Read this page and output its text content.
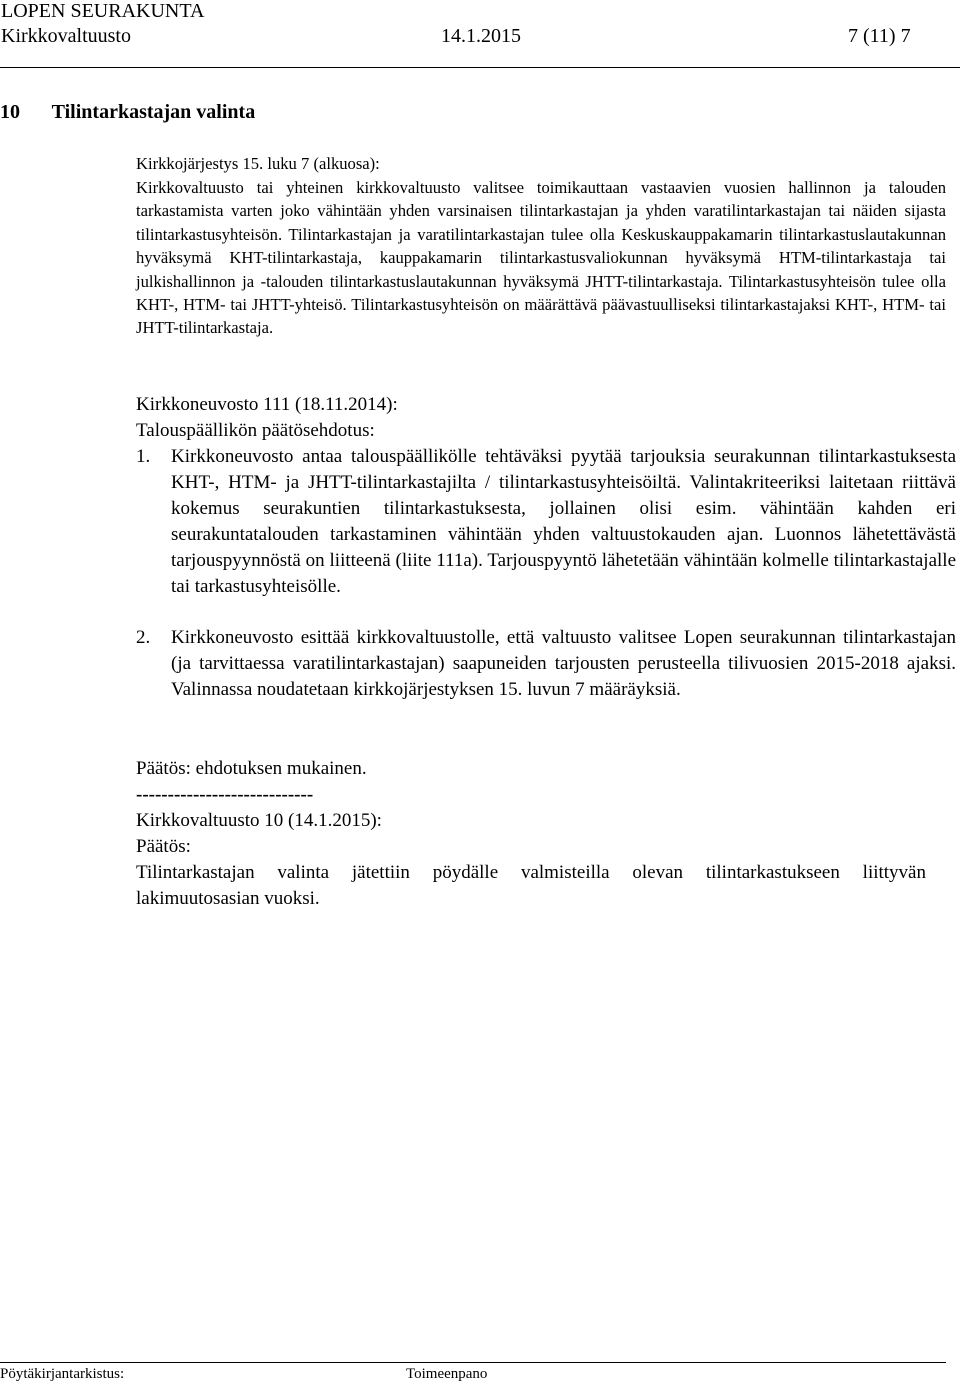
LOPEN SEURAKUNTA
Kirkkovaltuusto	14.1.2015	7 (11) 7
10 Tilintarkastajan valinta
Kirkkojärjestys 15. luku 7 (alkuosa):
Kirkkovaltuusto tai yhteinen kirkkovaltuusto valitsee toimikauttaan vastaavien vuosien hallinnon ja talouden tarkastamista varten joko vähintään yhden varsinaisen tilintarkastajan ja yhden varatilintarkastajan tai näiden sijasta tilintarkastusyhteisön. Tilintarkastajan ja varatilintarkastajan tulee olla Keskuskauppakamarin tilintarkastuslautakunnan hyväksymä KHT-tilintarkastaja, kauppakamarin tilintarkastusvaliokunnan hyväksymä HTM-tilintarkastaja tai julkishallinnon ja -talouden tilintarkastuslautakunnan hyväksymä JHTT-tilintarkastaja. Tilintarkastusyhteisön tulee olla KHT-, HTM- tai JHTT-yhteisö. Tilintarkastusyhteisön on määrättävä päävastuulliseksi tilintarkastajaksi KHT-, HTM- tai JHTT-tilintarkastaja.
Kirkkoneuvosto 111 (18.11.2014):
Talouspäällikön päätösehdotus:
1. Kirkkoneuvosto antaa talouspäällikölle tehtäväksi pyytää tarjouksia seurakunnan tilintarkastuksesta KHT-, HTM- ja JHTT-tilintarkastajilta / tilintarkastusyhteisöiltä. Valintakriteeriksi laitetaan riittävä kokemus seurakuntien tilintarkastuksesta, jollainen olisi esim. vähintään kahden eri seurakuntatalouden tarkastaminen vähintään yhden valtuustokauden ajan. Luonnos lähetettävästä tarjouspyynnöstä on liitteenä (liite 111a). Tarjouspyyntö lähetetään vähintään kolmelle tilintarkastajalle tai tarkastusyhteisölle.
2. Kirkkoneuvosto esittää kirkkovaltuustolle, että valtuusto valitsee Lopen seurakunnan tilintarkastajan (ja tarvittaessa varatilintarkastajan) saapuneiden tarjousten perusteella tilivuosien 2015-2018 ajaksi. Valinnassa noudatetaan kirkkojärjestyksen 15. luvun 7 määräyksiä.
Päätös: ehdotuksen mukainen.
----------------------------
Kirkkovaltuusto 10 (14.1.2015):
Päätös:
Tilintarkastajan valinta jätettiin pöydälle valmisteilla olevan tilintarkastukseen liittyvän lakimuutosasian vuoksi.
Pöytäkirjantarkistus:	Toimeenpano
